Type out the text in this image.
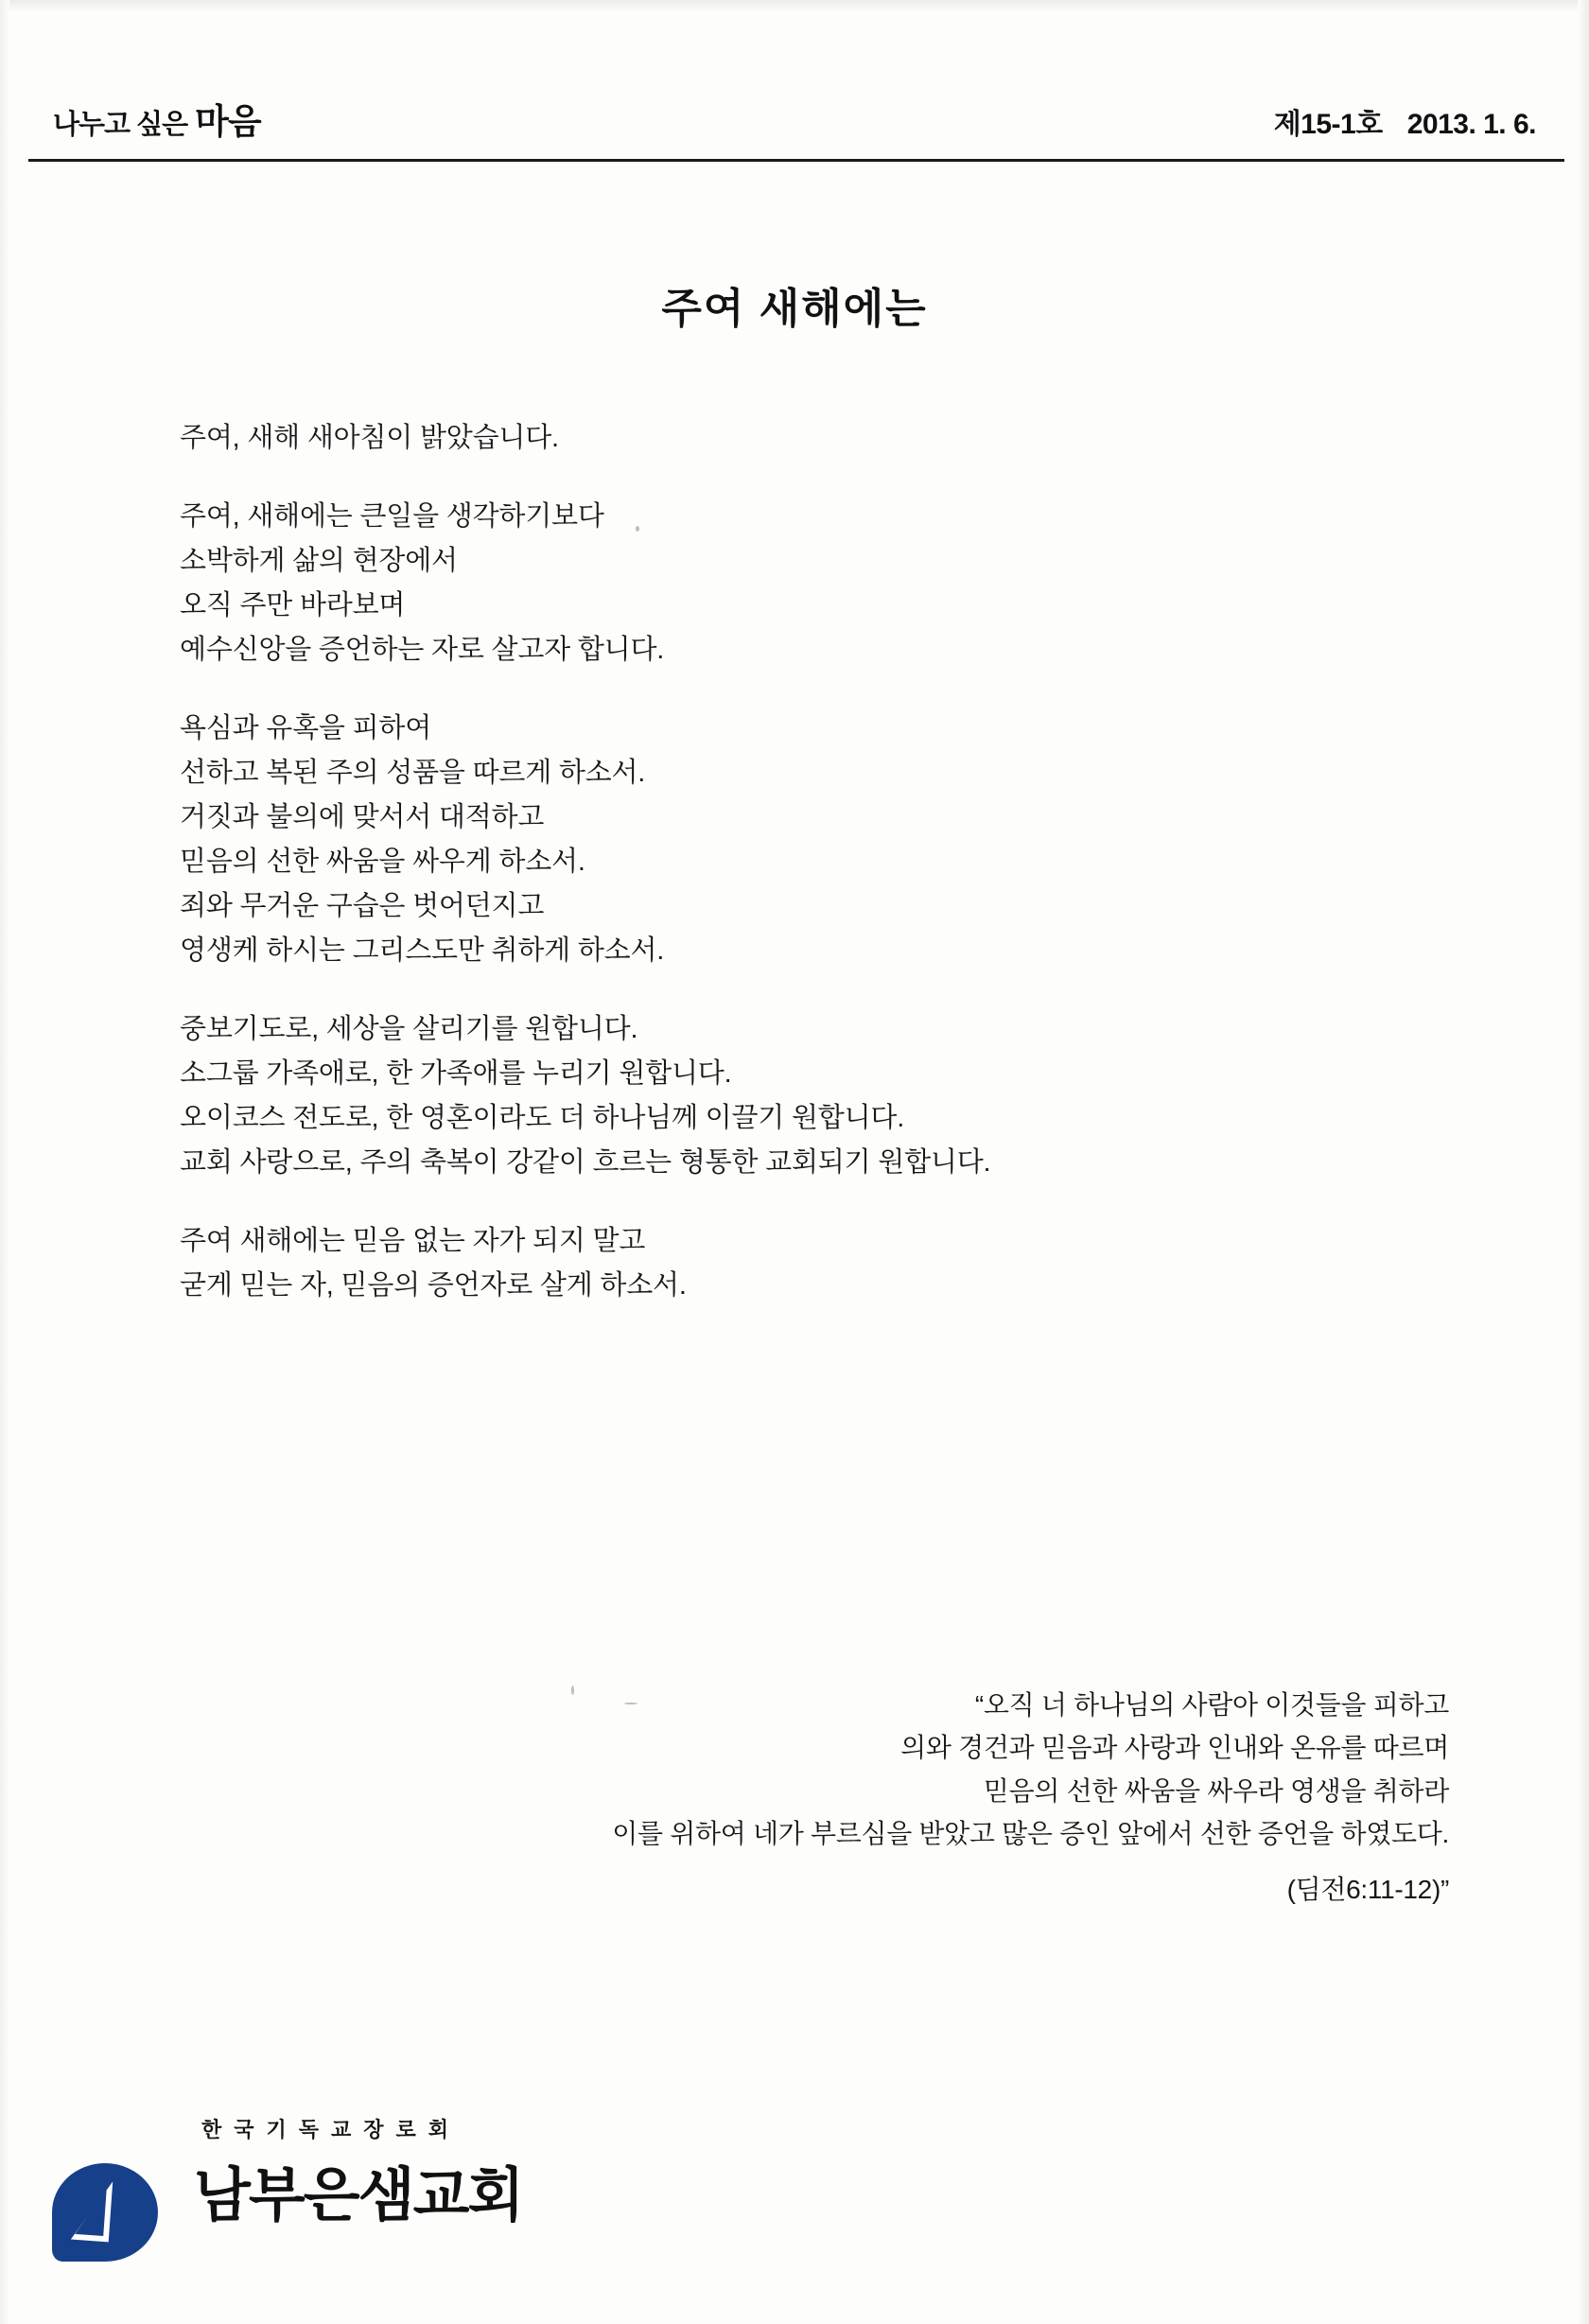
나누고 싶은 마음	제15-1호 2013. 1. 6.
주여 새해에는
주여, 새해 새아침이 밝았습니다.
주여, 새해에는 큰일을 생각하기보다
소박하게 삶의 현장에서
오직 주만 바라보며
예수신앙을 증언하는 자로 살고자 합니다.
욕심과 유혹을 피하여
선하고 복된 주의 성품을 따르게 하소서.
거짓과 불의에 맞서서 대적하고
믿음의 선한 싸움을 싸우게 하소서.
죄와 무거운 구습은 벗어던지고
영생케 하시는 그리스도만 취하게 하소서.
중보기도로, 세상을 살리기를 원합니다.
소그룹 가족애로, 한 가족애를 누리기 원합니다.
오이코스 전도로, 한 영혼이라도 더 하나님께 이끌기 원합니다.
교회 사랑으로, 주의 축복이 강같이 흐르는 형통한 교회되기 원합니다.
주여 새해에는 믿음 없는 자가 되지 말고
굳게 믿는 자, 믿음의 증언자로 살게 하소서.
“오직 너 하나님의 사람아 이것들을 피하고
의와 경건과 믿음과 사랑과 인내와 온유를 따르며
믿음의 선한 싸움을 싸우라 영생을 취하라
이를 위하여 네가 부르심을 받았고 많은 증인 앞에서 선한 증언을 하였도다.
(딤전6:11-12)”
한국기독교장로회
남부은샘교회
